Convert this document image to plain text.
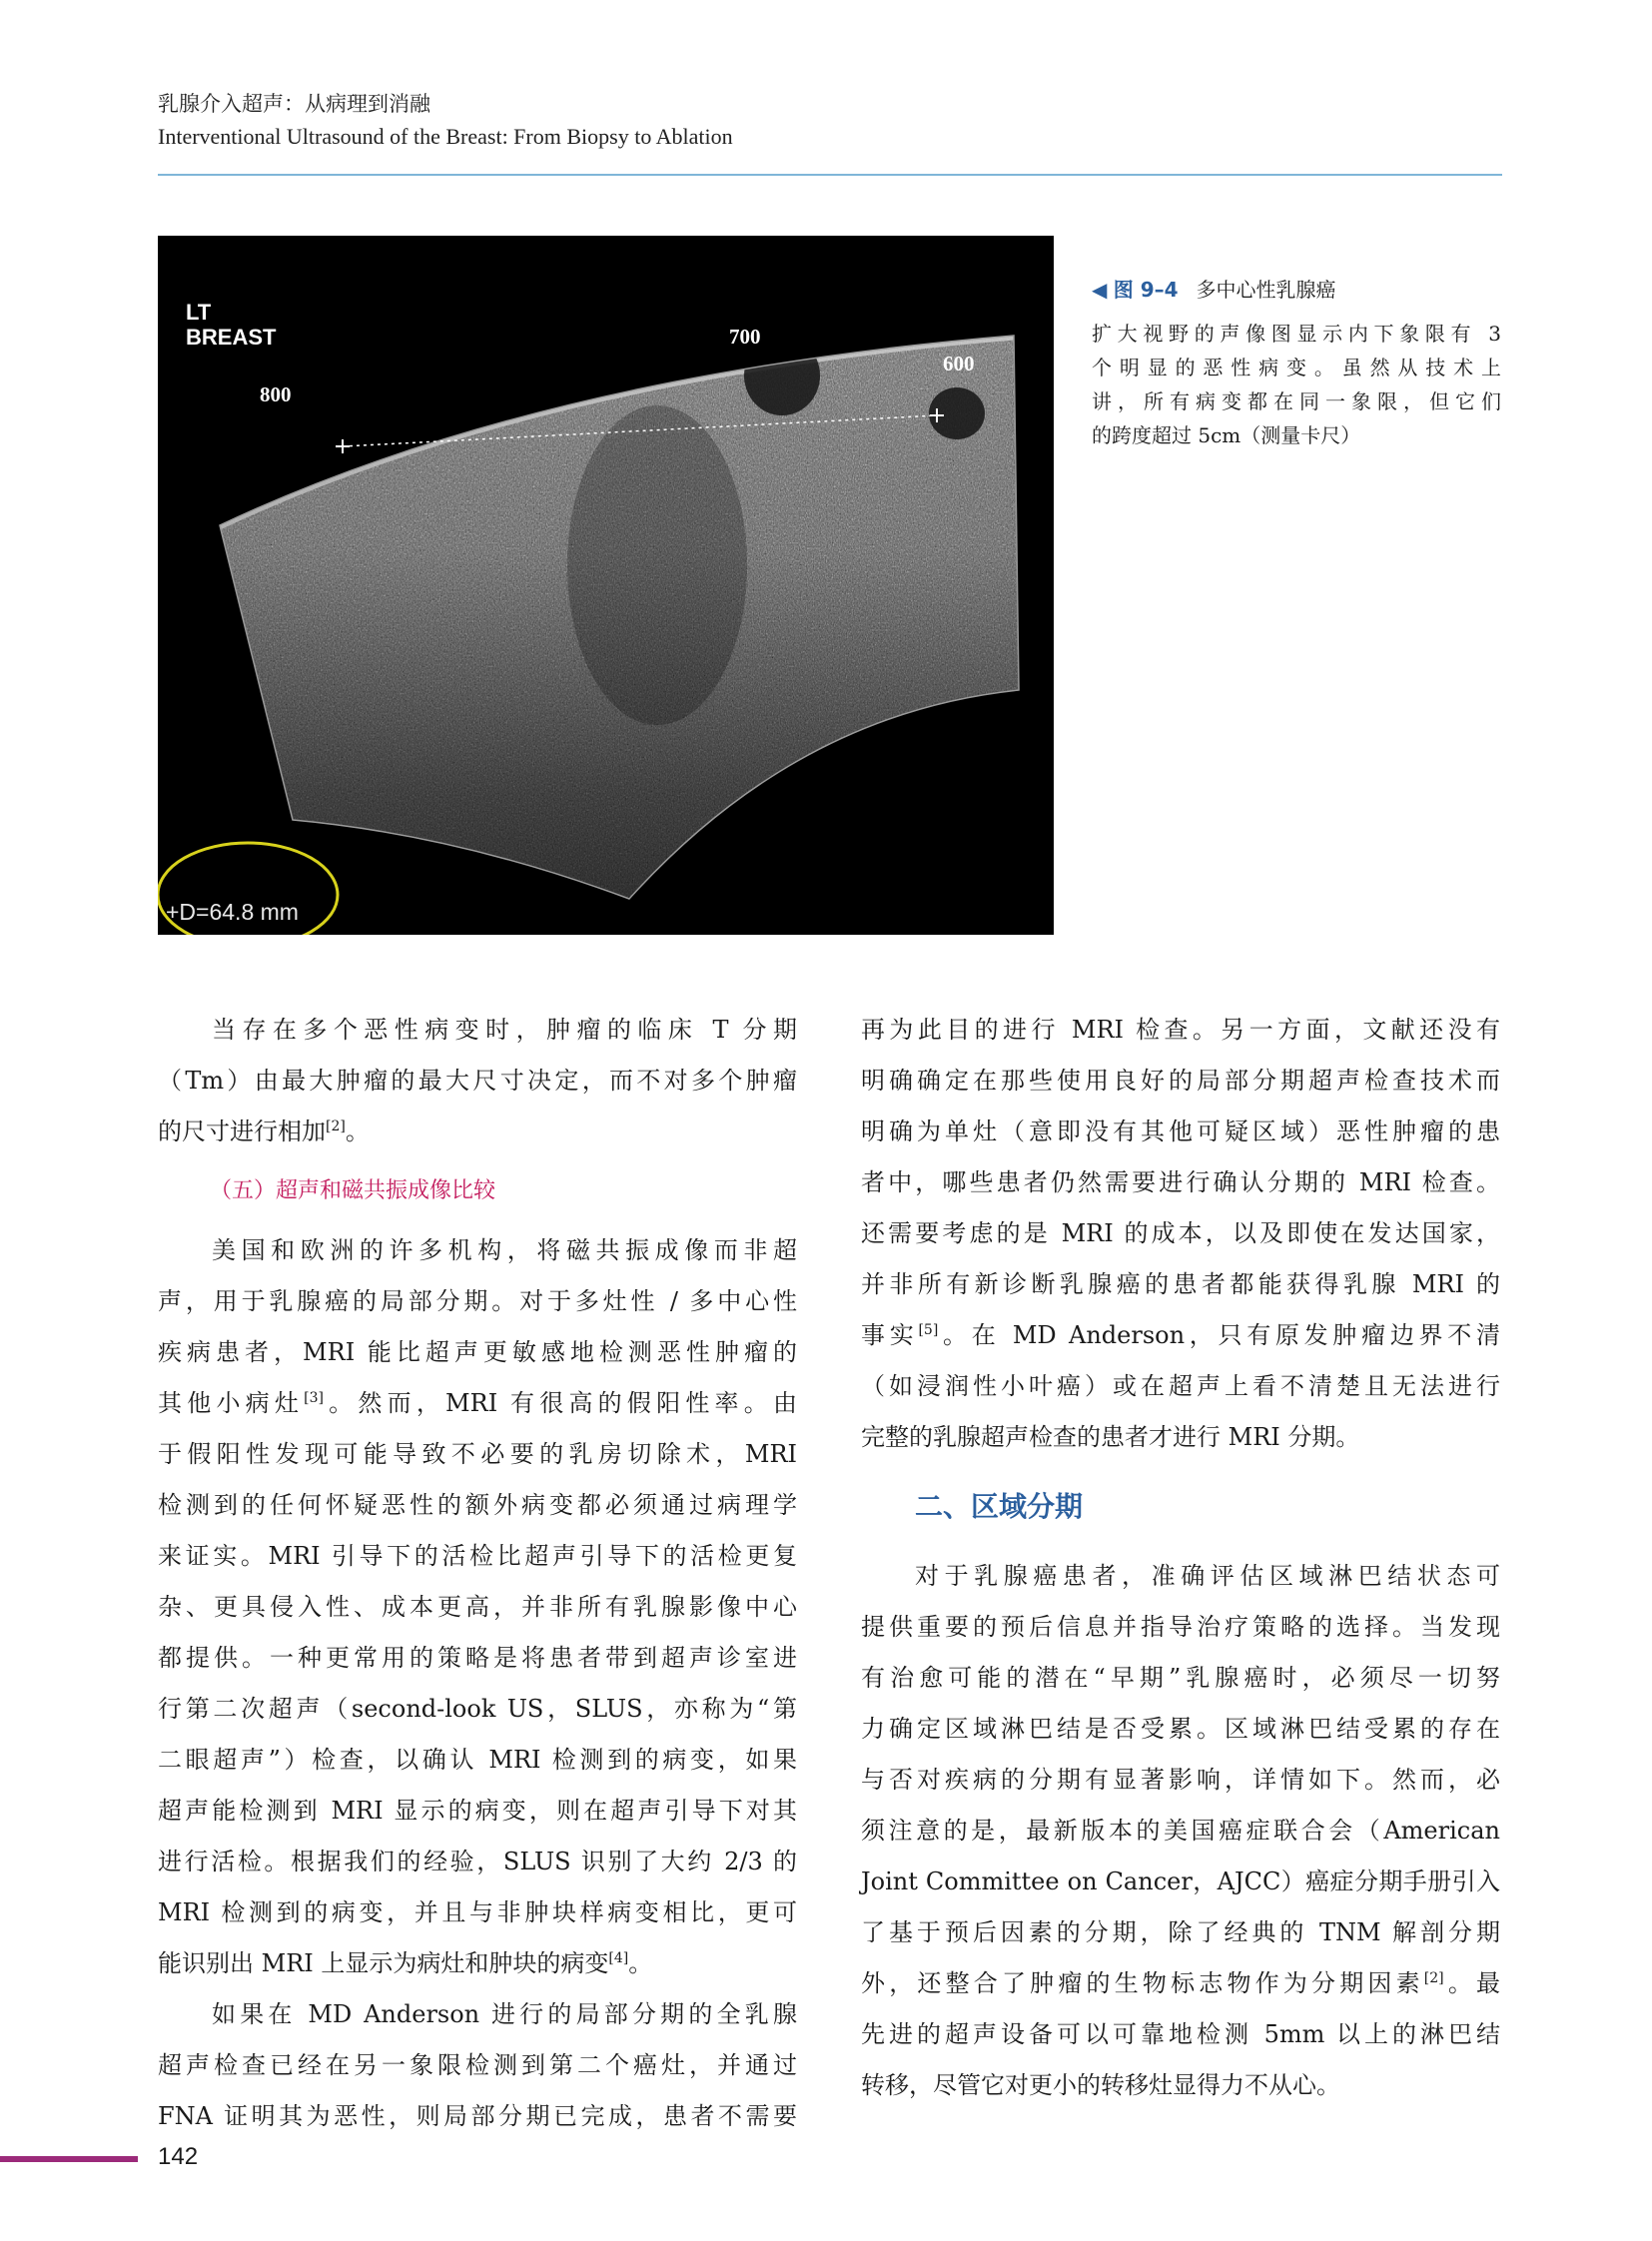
乳腺介入超声：从病理到消融
Interventional Ultrasound of the Breast: From Biopsy to Ablation
LT
BREAST
800
700
600
+D=64.8 mm
◀ 图 9–4 多中心性乳腺癌
扩大视野的声像图显示内下象限有 3
个明显的恶性病变。虽然从技术上
讲，所有病变都在同一象限，但它们
的跨度超过 5cm（测量卡尺）
当存在多个恶性病变时，肿瘤的临床 T 分期
（Tm）由最大肿瘤的最大尺寸决定，而不对多个肿瘤
的尺寸进行相加[2]。
（五）超声和磁共振成像比较
美国和欧洲的许多机构，将磁共振成像而非超
声，用于乳腺癌的局部分期。对于多灶性 / 多中心性
疾病患者，MRI 能比超声更敏感地检测恶性肿瘤的
其他小病灶[3]。然而，MRI 有很高的假阳性率。由
于假阳性发现可能导致不必要的乳房切除术，MRI
检测到的任何怀疑恶性的额外病变都必须通过病理学
来证实。MRI 引导下的活检比超声引导下的活检更复
杂、更具侵入性、成本更高，并非所有乳腺影像中心
都提供。一种更常用的策略是将患者带到超声诊室进
行第二次超声（second-look US，SLUS，亦称为“第
二眼超声”）检查，以确认 MRI 检测到的病变，如果
超声能检测到 MRI 显示的病变，则在超声引导下对其
进行活检。根据我们的经验，SLUS 识别了大约 2/3 的
MRI 检测到的病变，并且与非肿块样病变相比，更可
能识别出 MRI 上显示为病灶和肿块的病变[4]。
如果在 MD Anderson 进行的局部分期的全乳腺
超声检查已经在另一象限检测到第二个癌灶，并通过
FNA 证明其为恶性，则局部分期已完成，患者不需要
再为此目的进行 MRI 检查。另一方面，文献还没有
明确确定在那些使用良好的局部分期超声检查技术而
明确为单灶（意即没有其他可疑区域）恶性肿瘤的患
者中，哪些患者仍然需要进行确认分期的 MRI 检查。
还需要考虑的是 MRI 的成本，以及即使在发达国家，
并非所有新诊断乳腺癌的患者都能获得乳腺 MRI 的
事实[5]。在 MD Anderson，只有原发肿瘤边界不清
（如浸润性小叶癌）或在超声上看不清楚且无法进行
完整的乳腺超声检查的患者才进行 MRI 分期。
二、区域分期
对于乳腺癌患者，准确评估区域淋巴结状态可
提供重要的预后信息并指导治疗策略的选择。当发现
有治愈可能的潜在“早期”乳腺癌时，必须尽一切努
力确定区域淋巴结是否受累。区域淋巴结受累的存在
与否对疾病的分期有显著影响，详情如下。然而，必
须注意的是，最新版本的美国癌症联合会（American
Joint Committee on Cancer，AJCC）癌症分期手册引入
了基于预后因素的分期，除了经典的 TNM 解剖分期
外，还整合了肿瘤的生物标志物作为分期因素[2]。最
先进的超声设备可以可靠地检测 5mm 以上的淋巴结
转移，尽管它对更小的转移灶显得力不从心。
142
